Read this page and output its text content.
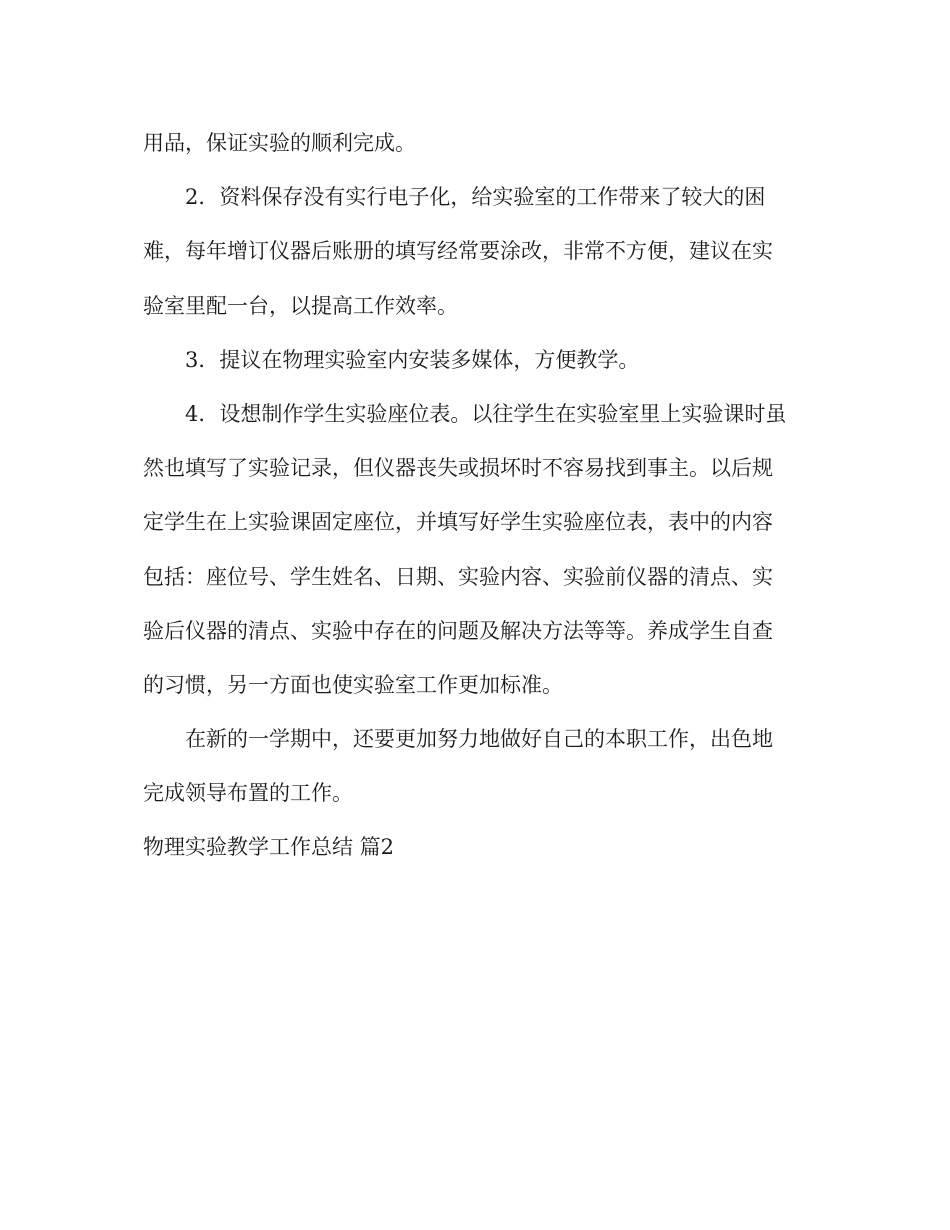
用品，保证实验的顺利完成。
2．资料保存没有实行电子化，给实验室的工作带来了较大的困
难，每年增订仪器后账册的填写经常要涂改，非常不方便，建议在实
验室里配一台，以提高工作效率。
3．提议在物理实验室内安装多媒体，方便教学。
4．设想制作学生实验座位表。以往学生在实验室里上实验课时虽
然也填写了实验记录，但仪器丧失或损坏时不容易找到事主。以后规
定学生在上实验课固定座位，并填写好学生实验座位表，表中的内容
包括：座位号、学生姓名、日期、实验内容、实验前仪器的清点、实
验后仪器的清点、实验中存在的问题及解决方法等等。养成学生自查
的习惯，另一方面也使实验室工作更加标准。
在新的一学期中，还要更加努力地做好自己的本职工作，出色地
完成领导布置的工作。
物理实验教学工作总结 篇2
